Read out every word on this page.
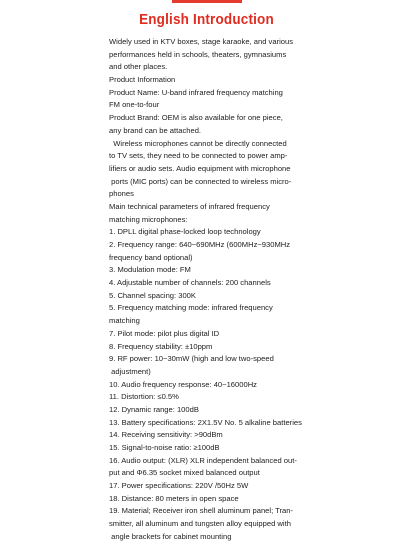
English Introduction
Widely used in KTV boxes, stage karaoke, and various
performances held in schools, theaters, gymnasiums
and other places.
Product Information
Product Name: U-band infrared frequency matching
FM one-to-four
Product Brand: OEM is also available for one piece,
any brand can be attached.
Wireless microphones cannot be directly connected
to TV sets, they need to be connected to power amp-
lifiers or audio sets. Audio equipment with microphone
ports (MIC ports) can be connected to wireless micro-
phones
Main technical parameters of infrared frequency
matching microphones:
1. DPLL digital phase-locked loop technology
2. Frequency range: 640~690MHz (600MHz~930MHz
frequency band optional)
3. Modulation mode: FM
4. Adjustable number of channels: 200 channels
5. Channel spacing: 300K
5. Frequency matching mode: infrared frequency
matching
7. Pilot mode: pilot plus digital ID
8. Frequency stability: ±10ppm
9. RF power: 10~30mW (high and low two-speed
adjustment)
10. Audio frequency response: 40~16000Hz
11. Distortion: ≤0.5%
12. Dynamic range: 100dB
13. Battery specifications: 2X1.5V No. 5 alkaline batteries
14. Receiving sensitivity: >90dBm
15. Signal-to-noise ratio: ≥100dB
16. Audio output: (XLR) XLR independent balanced out-
put and Φ6.35 socket mixed balanced output
17. Power specifications: 220V /50Hz 5W
18. Distance: 80 meters in open space
19. Material; Receiver iron shell aluminum panel; Tran-
smitter, all aluminum and tungsten alloy equipped with
angle brackets for cabinet mounting
